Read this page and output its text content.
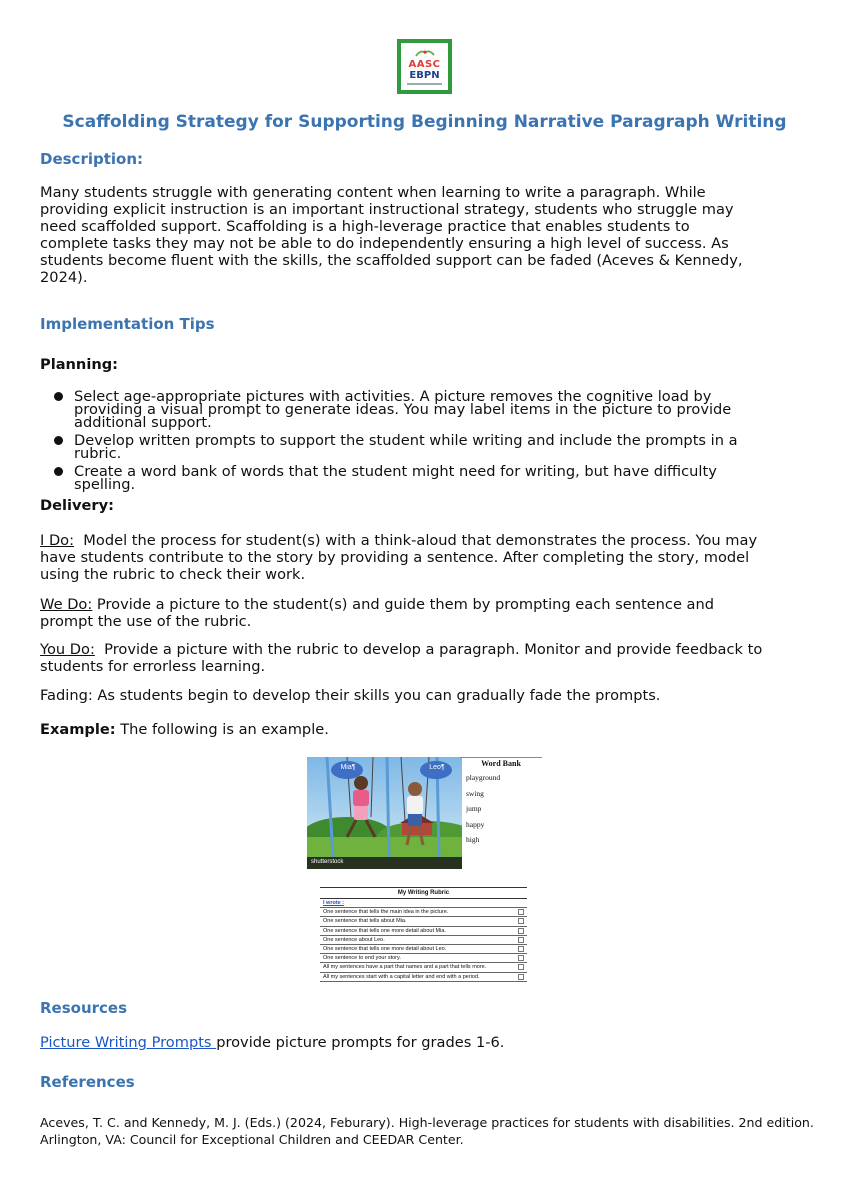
AASC
EBPN
Scaffolding Strategy for Supporting Beginning Narrative Paragraph Writing
Description:
Many students struggle with generating content when learning to write a paragraph. While
providing explicit instruction is an important instructional strategy, students who struggle may
need scaffolded support. Scaffolding is a high-leverage practice that enables students to
complete tasks they may not be able to do independently ensuring a high level of success. As
students become fluent with the skills, the scaffolded support can be faded (Aceves & Kennedy,
2024).
Implementation Tips
Planning:
Select age-appropriate pictures with activities. A picture removes the cognitive load by
providing a visual prompt to generate ideas. You may label items in the picture to provide
additional support.
Develop written prompts to support the student while writing and include the prompts in a
rubric.
Create a word bank of words that the student might need for writing, but have difficulty
spelling.
Delivery:
I Do:  Model the process for student(s) with a think-aloud that demonstrates the process. You may
have students contribute to the story by providing a sentence. After completing the story, model
using the rubric to check their work.
We Do: Provide a picture to the student(s) and guide them by prompting each sentence and
prompt the use of the rubric.
You Do:  Provide a picture with the rubric to develop a paragraph. Monitor and provide feedback to
students for errorless learning.
Fading: As students begin to develop their skills you can gradually fade the prompts.
Example: The following is an example.
Mia¶	Leo¶
shutterstock
Word Bank
playground
swing
jump
happy
high
My Writing Rubric
I wrote :
One sentence that tells the main idea in the picture.
One sentence that tells about Mia.
One sentence that tells one more detail about Mia.
One sentence about Leo.
One sentence that tells one more detail about Leo.
One sentence to end your story.
All my sentences have a part that names and a part that tells more.
All my sentences start with a capital letter and end with a period.
Resources
Picture Writing Prompts provide picture prompts for grades 1-6.
References
Aceves, T. C. and Kennedy, M. J. (Eds.) (2024, Feburary). High-leverage practices for students with disabilities. 2nd edition.
Arlington, VA: Council for Exceptional Children and CEEDAR Center.
